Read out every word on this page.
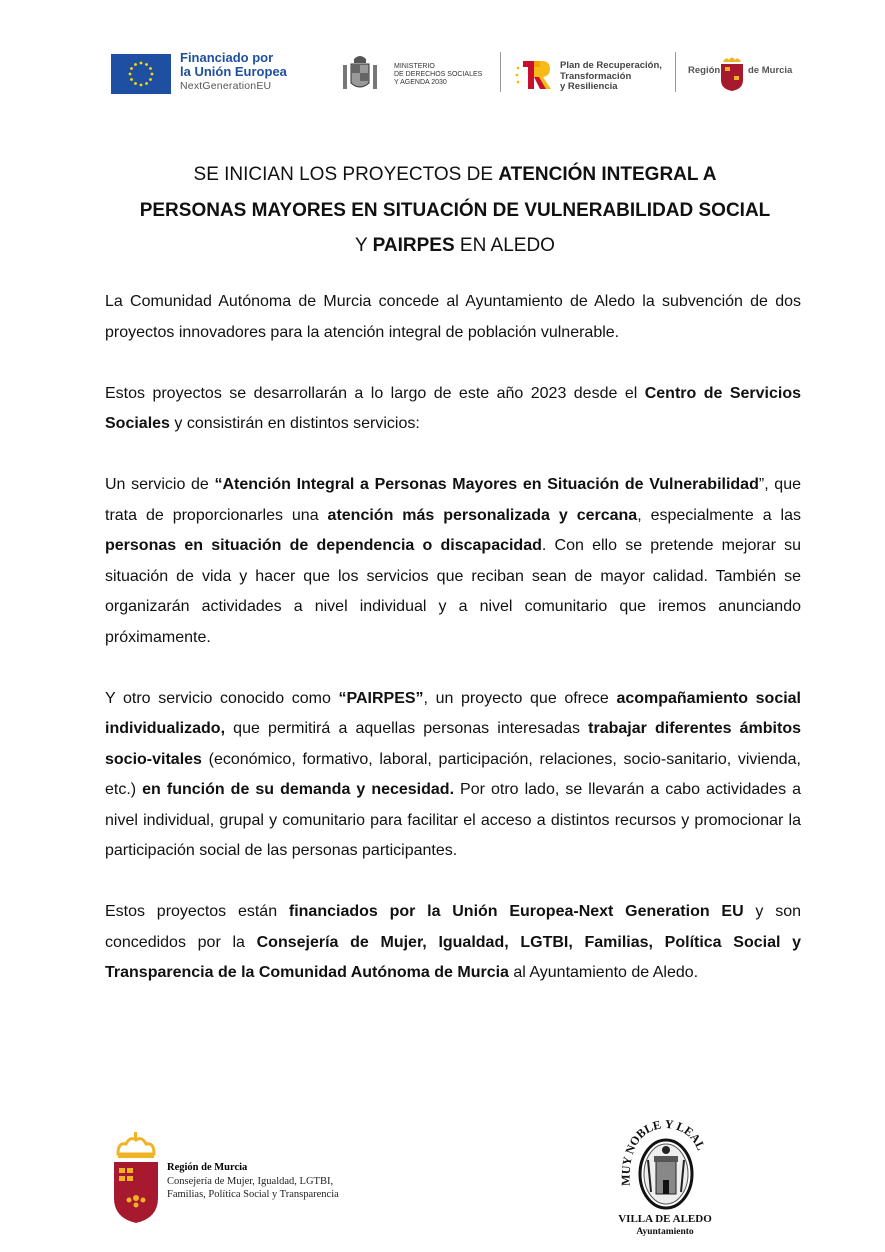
Financiado por
la Unión Europea
NextGenerationEU
MINISTERIO
DE DERECHOS SOCIALES
Y AGENDA 2030
Plan de Recuperación,
Transformación
y Resiliencia
Región	de Murcia
SE INICIAN LOS PROYECTOS DE ATENCIÓN INTEGRAL A
PERSONAS MAYORES EN SITUACIÓN DE VULNERABILIDAD SOCIAL
Y PAIRPES EN ALEDO

La Comunidad Autónoma de Murcia concede al Ayuntamiento de Aledo la subvención de dos proyectos innovadores para la atención integral de población vulnerable.

Estos proyectos se desarrollarán a lo largo de este año 2023 desde el Centro de Servicios Sociales y consistirán en distintos servicios:

Un servicio de “Atención Integral a Personas Mayores en Situación de Vulnerabilidad”, que trata de proporcionarles una atención más personalizada y cercana, especialmente a las personas en situación de dependencia o discapacidad. Con ello se pretende mejorar su situación de vida y hacer que los servicios que reciban sean de mayor calidad. También se organizarán actividades a nivel individual y a nivel comunitario que iremos anunciando próximamente.

Y otro servicio conocido como “PAIRPES”, un proyecto que ofrece acompañamiento social individualizado, que permitirá a aquellas personas interesadas trabajar diferentes ámbitos socio-vitales (económico, formativo, laboral, participación, relaciones, socio-sanitario, vivienda, etc.) en función de su demanda y necesidad. Por otro lado, se llevarán a cabo actividades a nivel individual, grupal y comunitario para facilitar el acceso a distintos recursos y promocionar la participación social de las personas participantes.

Estos proyectos están financiados por la Unión Europea-Next Generation EU y son concedidos por la Consejería de Mujer, Igualdad, LGTBI, Familias, Política Social y Transparencia de la Comunidad Autónoma de Murcia al Ayuntamiento de Aledo.

Región de Murcia
Consejería de Mujer, Igualdad, LGTBI,
Familias, Política Social y Transparencia
MUY NOBLE Y LEAL
VILLA DE ALEDO
Ayuntamiento
